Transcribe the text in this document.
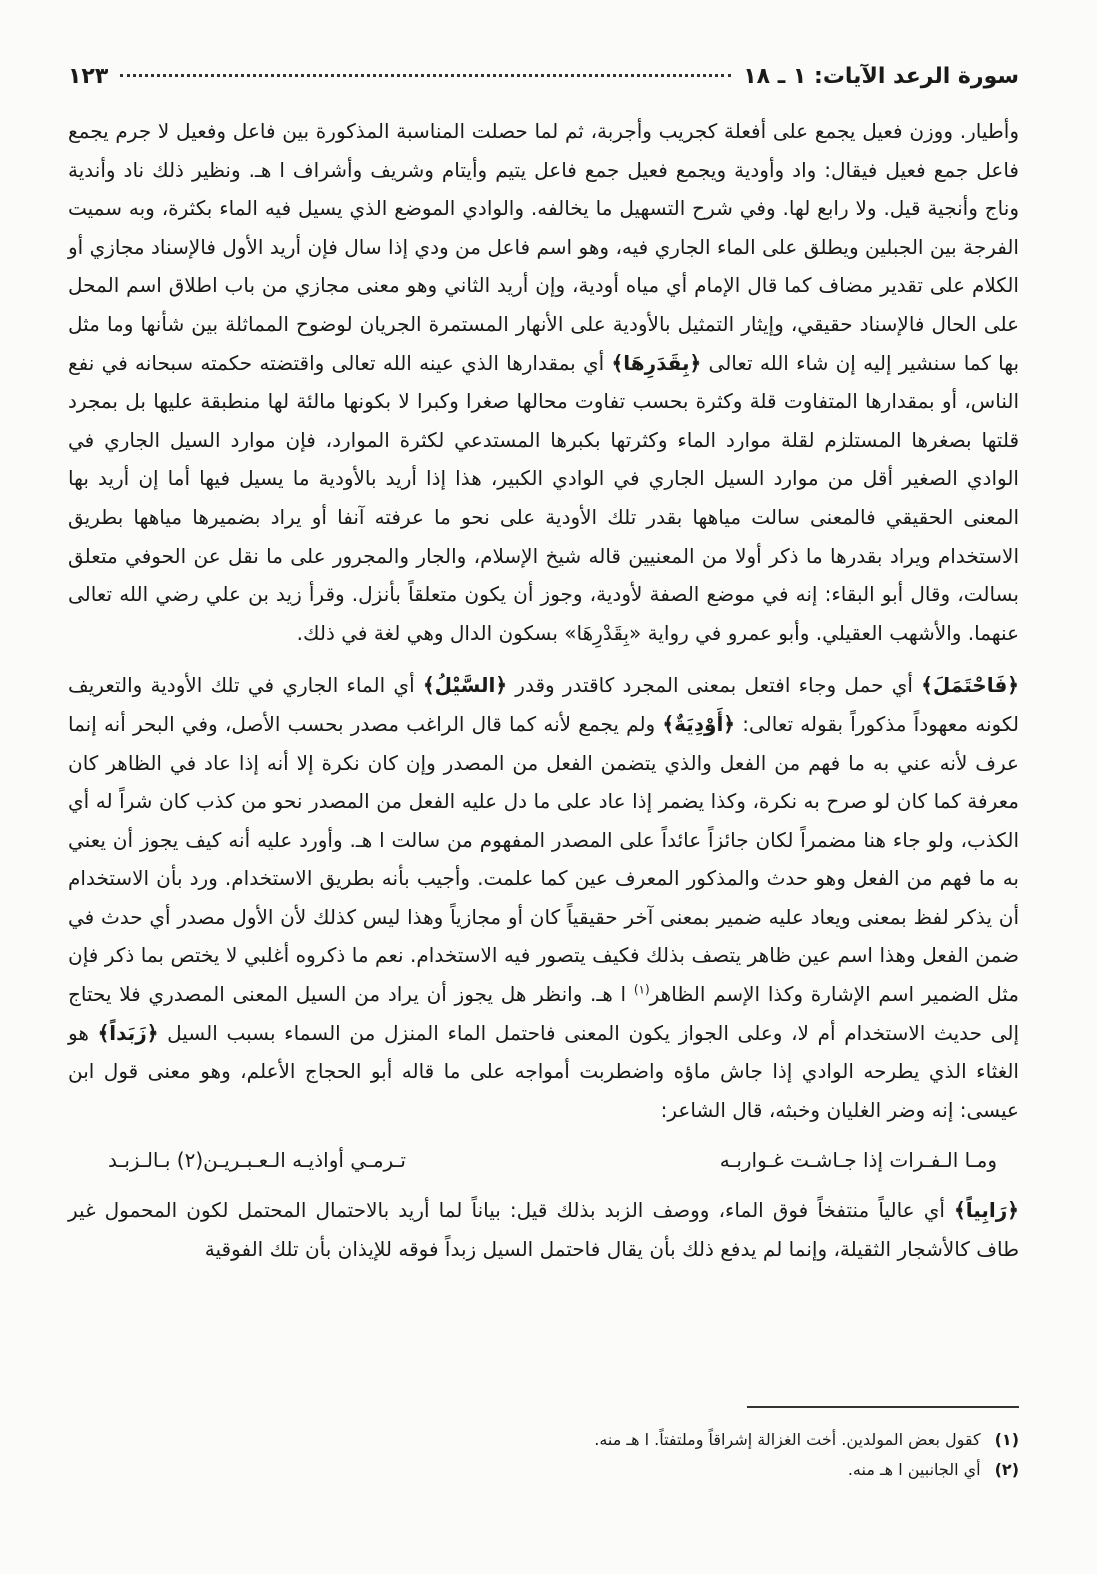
سورة الرعد الآيات: ١ ـ ١٨
١٢٣

وأطيار. ووزن فعيل يجمع على أفعلة كجريب وأجربة، ثم لما حصلت المناسبة المذكورة بين فاعل وفعيل لا جرم يجمع فاعل جمع فعيل فيقال: واد وأودية ويجمع فعيل جمع فاعل يتيم وأيتام وشريف وأشراف ا هـ. ونظير ذلك ناد وأندية وناج وأنجية قيل. ولا رابع لها. وفي شرح التسهيل ما يخالفه. والوادي الموضع الذي يسيل فيه الماء بكثرة، وبه سميت الفرجة بين الجبلين ويطلق على الماء الجاري فيه، وهو اسم فاعل من ودي إذا سال فإن أريد الأول فالإسناد مجازي أو الكلام على تقدير مضاف كما قال الإمام أي مياه أودية، وإن أريد الثاني وهو معنى مجازي من باب اطلاق اسم المحل على الحال فالإسناد حقيقي، وإيثار التمثيل بالأودية على الأنهار المستمرة الجريان لوضوح المماثلة بين شأنها وما مثل بها كما سنشير إليه إن شاء الله تعالى ﴿بِقَدَرِهَا﴾ أي بمقدارها الذي عينه الله تعالى واقتضته حكمته سبحانه في نفع الناس، أو بمقدارها المتفاوت قلة وكثرة بحسب تفاوت محالها صغرا وكبرا لا بكونها مالئة لها منطبقة عليها بل بمجرد قلتها بصغرها المستلزم لقلة موارد الماء وكثرتها بكبرها المستدعي لكثرة الموارد، فإن موارد السيل الجاري في الوادي الصغير أقل من موارد السيل الجاري في الوادي الكبير، هذا إذا أريد بالأودية ما يسيل فيها أما إن أريد بها المعنى الحقيقي فالمعنى سالت مياهها بقدر تلك الأودية على نحو ما عرفته آنفا أو يراد بضميرها مياهها بطريق الاستخدام ويراد بقدرها ما ذكر أولا من المعنيين قاله شيخ الإسلام، والجار والمجرور على ما نقل عن الحوفي متعلق بسالت، وقال أبو البقاء: إنه في موضع الصفة لأودية، وجوز أن يكون متعلقاً بأنزل. وقرأ زيد بن علي رضي الله تعالى عنهما. والأشهب العقيلي. وأبو عمرو في رواية «بِقَدْرِهَا» بسكون الدال وهي لغة في ذلك.

﴿فَاحْتَمَلَ﴾ أي حمل وجاء افتعل بمعنى المجرد كاقتدر وقدر ﴿السَّيْلُ﴾ أي الماء الجاري في تلك الأودية والتعريف لكونه معهوداً مذكوراً بقوله تعالى: ﴿أَوْدِيَةٌ﴾ ولم يجمع لأنه كما قال الراغب مصدر بحسب الأصل، وفي البحر أنه إنما عرف لأنه عني به ما فهم من الفعل والذي يتضمن الفعل من المصدر وإن كان نكرة إلا أنه إذا عاد في الظاهر كان معرفة كما كان لو صرح به نكرة، وكذا يضمر إذا عاد على ما دل عليه الفعل من المصدر نحو من كذب كان شراً له أي الكذب، ولو جاء هنا مضمراً لكان جائزاً عائداً على المصدر المفهوم من سالت ا هـ. وأورد عليه أنه كيف يجوز أن يعني به ما فهم من الفعل وهو حدث والمذكور المعرف عين كما علمت. وأجيب بأنه بطريق الاستخدام. ورد بأن الاستخدام أن يذكر لفظ بمعنى ويعاد عليه ضمير بمعنى آخر حقيقياً كان أو مجازياً وهذا ليس كذلك لأن الأول مصدر أي حدث في ضمن الفعل وهذا اسم عين ظاهر يتصف بذلك فكيف يتصور فيه الاستخدام. نعم ما ذكروه أغلبي لا يختص بما ذكر فإن مثل الضمير اسم الإشارة وكذا الإسم الظاهر$^{(١)}$ ا هـ. وانظر هل يجوز أن يراد من السيل المعنى المصدري فلا يحتاج إلى حديث الاستخدام أم لا، وعلى الجواز يكون المعنى فاحتمل الماء المنزل من السماء بسبب السيل ﴿زَبَداً﴾ هو الغثاء الذي يطرحه الوادي إذا جاش ماؤه واضطربت أمواجه على ما قاله أبو الحجاج الأعلم، وهو معنى قول ابن عيسى: إنه وضر الغليان وخبثه، قال الشاعر:

ومـا الـفـرات إذا جـاشـت غـواربـه
تـرمـي أواذيـه الـعـبـريـن(٢) بـالـزبـد

﴿رَابِياً﴾ أي عالياً منتفخاً فوق الماء، ووصف الزبد بذلك قيل: بياناً لما أريد بالاحتمال المحتمل لكون المحمول غير طاف كالأشجار الثقيلة، وإنما لم يدفع ذلك بأن يقال فاحتمل السيل زبداً فوقه للإيذان بأن تلك الفوقية

(١)
كقول بعض المولدين. أخت الغزالة إشراقاً وملتفتاً. ا هـ منه.
(٢)
أي الجانبين ا هـ منه.
